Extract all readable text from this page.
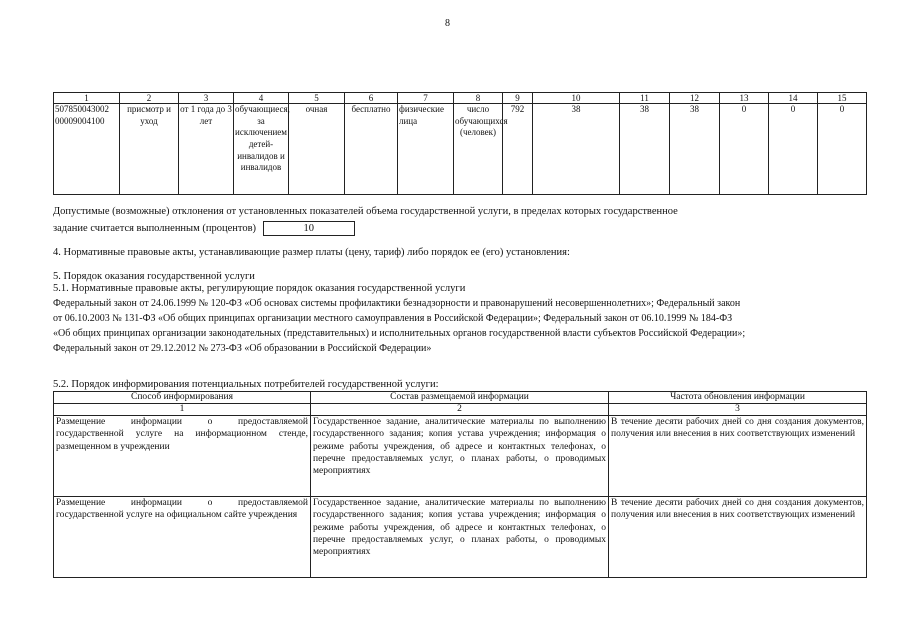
8
1	2	3	4	5	6	7	8	9	10	11	12	13	14	15
507850043002 00009004100	присмотр и уход	от 1 года до 3 лет	обучающиеся, за исключением детей-инвалидов и инвалидов	очная	бесплатно	физические лица	число обучающихся (человек)	792	38	38	38	0	0	0
Допустимые (возможные) отклонения от установленных показателей объема государственной услуги, в пределах которых государственное
задание считается выполненным (процентов)	10
4. Нормативные правовые акты, устанавливающие размер платы (цену, тариф) либо порядок ее (его) установления:
5. Порядок оказания государственной услуги
5.1. Нормативные правовые акты, регулирующие порядок оказания государственной услуги
Федеральный закон от 24.06.1999 № 120-ФЗ «Об основах системы профилактики безнадзорности и правонарушений несовершеннолетних»; Федеральный закон
от 06.10.2003 № 131-ФЗ «Об общих принципах организации местного самоуправления в Российской Федерации»; Федеральный закон от 06.10.1999 № 184-ФЗ
«Об общих принципах организации законодательных (представительных) и исполнительных органов государственной власти субъектов Российской Федерации»;
Федеральный закон от 29.12.2012 № 273-ФЗ «Об образовании в Российской Федерации»
5.2. Порядок информирования потенциальных потребителей государственной услуги:
Способ информирования	Состав размещаемой информации	Частота обновления информации
1	2	3
Размещение информации о предоставляемой государственной услуге на информационном стенде, размещенном в учреждении	Государственное задание, аналитические материалы по выполнению государственного задания; копия устава учреждения; информация о режиме работы учреждения, об адресе и контактных телефонах, о перечне предоставляемых услуг, о планах работы, о проводимых мероприятиях	В течение десяти рабочих дней со дня создания документов, получения или внесения в них соответствующих изменений
Размещение информации о предоставляемой государственной услуге на официальном сайте учреждения	Государственное задание, аналитические материалы по выполнению государственного задания; копия устава учреждения; информация о режиме работы учреждения, об адресе и контактных телефонах, о перечне предоставляемых услуг, о планах работы, о проводимых мероприятиях	В течение десяти рабочих дней со дня создания документов, получения или внесения в них соответствующих изменений
